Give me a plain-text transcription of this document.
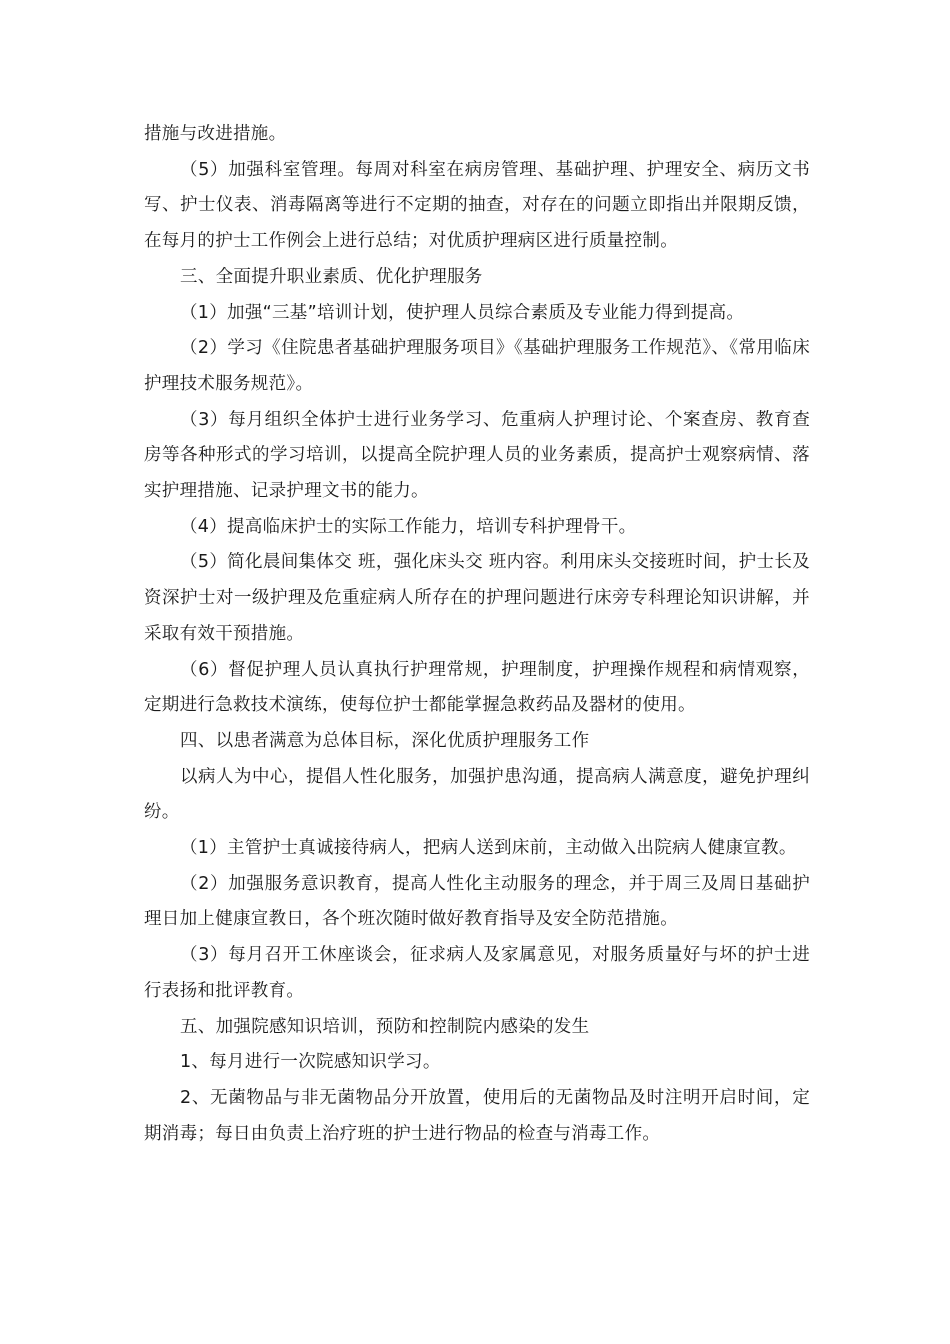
措施与改进措施。

（5）加强科室管理。每周对科室在病房管理、基础护理、护理安全、病历文书写、护士仪表、消毒隔离等进行不定期的抽查，对存在的问题立即指出并限期反馈，在每月的护士工作例会上进行总结；对优质护理病区进行质量控制。

三、全面提升职业素质、优化护理服务

（1）加强“三基”培训计划，使护理人员综合素质及专业能力得到提高。

（2）学习《住院患者基础护理服务项目》《基础护理服务工作规范》、《常用临床护理技术服务规范》。

（3）每月组织全体护士进行业务学习、危重病人护理讨论、个案查房、教育查房等各种形式的学习培训，以提高全院护理人员的业务素质，提高护士观察病情、落实护理措施、记录护理文书的能力。

（4）提高临床护士的实际工作能力，培训专科护理骨干。

（5）简化晨间集体交 班，强化床头交 班内容。利用床头交接班时间，护士长及资深护士对一级护理及危重症病人所存在的护理问题进行床旁专科理论知识讲解，并采取有效干预措施。

（6）督促护理人员认真执行护理常规，护理制度，护理操作规程和病情观察，定期进行急救技术演练，使每位护士都能掌握急救药品及器材的使用。

四、以患者满意为总体目标，深化优质护理服务工作

以病人为中心，提倡人性化服务，加强护患沟通，提高病人满意度，避免护理纠纷。

（1）主管护士真诚接待病人，把病人送到床前，主动做入出院病人健康宣教。

（2）加强服务意识教育，提高人性化主动服务的理念，并于周三及周日基础护理日加上健康宣教日，各个班次随时做好教育指导及安全防范措施。

（3）每月召开工休座谈会，征求病人及家属意见，对服务质量好与坏的护士进行表扬和批评教育。

五、加强院感知识培训，预防和控制院内感染的发生

1、每月进行一次院感知识学习。

2、无菌物品与非无菌物品分开放置，使用后的无菌物品及时注明开启时间，定期消毒；每日由负责上治疗班的护士进行物品的检查与消毒工作。
